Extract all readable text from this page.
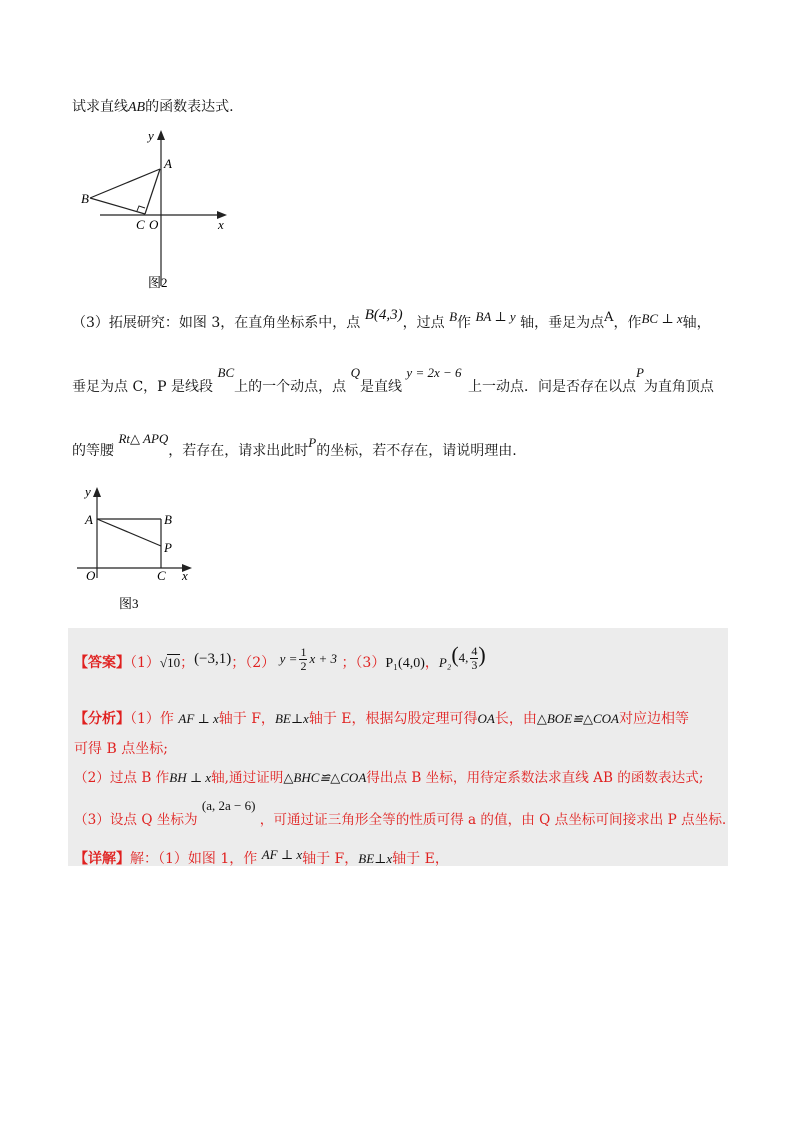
试求直线AB的函数表达式.
y
A
B
C O	x
图2
（3）拓展研究：如图 3，在直角坐标系中，点 B(4,3)，过点 B作 BA ⊥ y 轴，垂足为点A，作BC ⊥ x轴，
垂足为点 C，P 是线段 BC上的一个动点，点 Q是直线 y = 2x − 6 上一动点．问是否存在以点P为直角顶点
的等腰 Rt△ APQ，若存在，请求出此时P的坐标，若不存在，请说明理由.
y
A	B
P
O	C x
图3
【答案】（1）√10；(−3,1)；（2） $y = \frac{1}{2}$ x + 3 ；（3）P₁(4,0)，P₂(4, $\frac{4}{3}$ )
【分析】（1）作 AF ⊥ x轴于 F，BE⊥x轴于 E，根据勾股定理可得OA长，由△BOE≌△COA对应边相等
可得 B 点坐标;
（2）过点 B 作BH ⊥ x轴,通过证明△BHC≌△COA得出点 B 坐标，用待定系数法求直线 AB 的函数表达式;
（3）设点 Q 坐标为 (a, 2a − 6) ，可通过证三角形全等的性质可得 a 的值，由 Q 点坐标可间接求出 P 点坐标.
【详解】解：（1）如图 1，作 AF ⊥ x轴于 F，BE⊥x轴于 E，
